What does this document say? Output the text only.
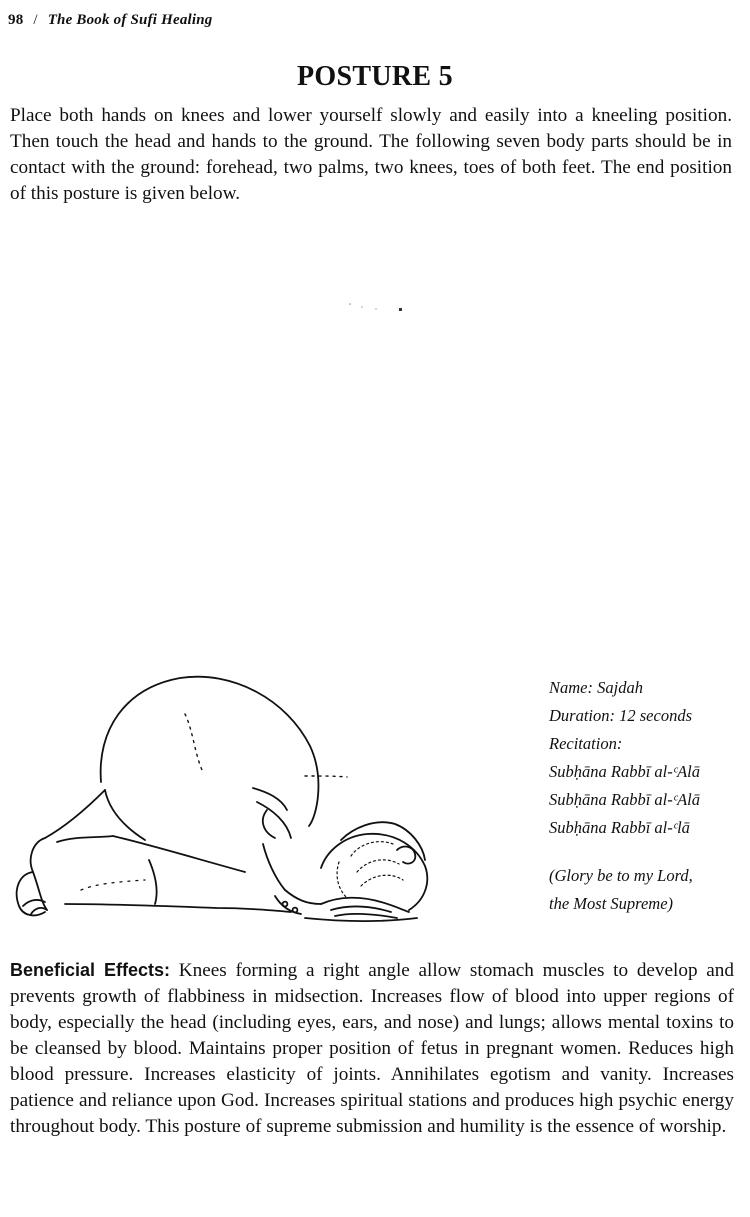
98 / The Book of Sufi Healing
POSTURE 5
Place both hands on knees and lower yourself slowly and easily into a kneeling position. Then touch the head and hands to the ground. The following seven body parts should be in contact with the ground: forehead, two palms, two knees, toes of both feet. The end position of this posture is given below.
Name: Sajdah
Duration: 12 seconds
Recitation:
Subḥāna Rabbī al-ᶜAlā
Subḥāna Rabbī al-ᶜAlā
Subḥāna Rabbī al-ᶜlā
(Glory be to my Lord,
the Most Supreme)
Beneficial Effects: Knees forming a right angle allow stomach muscles to develop and prevents growth of flabbiness in midsection. Increases flow of blood into upper regions of body, especially the head (including eyes, ears, and nose) and lungs; allows mental toxins to be cleansed by blood. Maintains proper position of fetus in pregnant women. Reduces high blood pressure. Increases elasticity of joints. Annihilates egotism and vanity. Increases patience and reliance upon God. Increases spiritual stations and produces high psychic energy throughout body. This posture of supreme submission and humility is the essence of worship.
